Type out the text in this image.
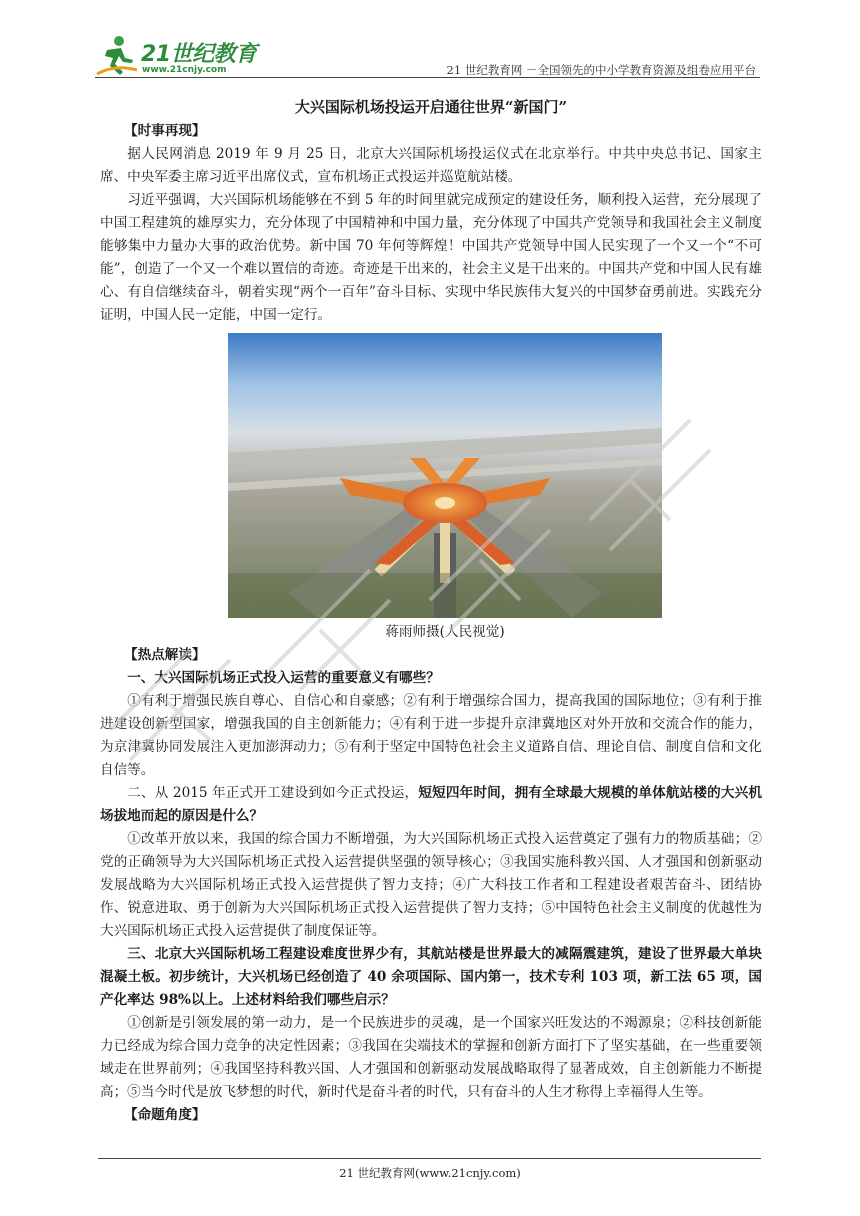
21世纪教育
www.21cnjy.com	21 世纪教育网 －全国领先的中小学教育资源及组卷应用平台
大兴国际机场投运开启通往世界“新国门”
【时事再现】

据人民网消息 2019 年 9 月 25 日，北京大兴国际机场投运仪式在北京举行。中共中央总书记、国家主席、中央军委主席习近平出席仪式，宣布机场正式投运并巡览航站楼。

习近平强调，大兴国际机场能够在不到 5 年的时间里就完成预定的建设任务，顺利投入运营，充分展现了中国工程建筑的雄厚实力，充分体现了中国精神和中国力量，充分体现了中国共产党领导和我国社会主义制度能够集中力量办大事的政治优势。新中国 70 年何等辉煌！中国共产党领导中国人民实现了一个又一个“不可能”，创造了一个又一个难以置信的奇迹。奇迹是干出来的，社会主义是干出来的。中国共产党和中国人民有雄心、有自信继续奋斗，朝着实现“两个一百年”奋斗目标、实现中华民族伟大复兴的中国梦奋勇前进。实践充分证明，中国人民一定能，中国一定行。

蒋雨师摄(人民视觉)
【热点解读】

一、大兴国际机场正式投入运营的重要意义有哪些？

①有利于增强民族自尊心、自信心和自豪感；②有利于增强综合国力，提高我国的国际地位；③有利于推进建设创新型国家，增强我国的自主创新能力；④有利于进一步提升京津冀地区对外开放和交流合作的能力，为京津冀协同发展注入更加澎湃动力；⑤有利于坚定中国特色社会主义道路自信、理论自信、制度自信和文化自信等。

二、从 2015 年正式开工建设到如今正式投运，短短四年时间，拥有全球最大规模的单体航站楼的大兴机场拔地而起的原因是什么？

①改革开放以来，我国的综合国力不断增强，为大兴国际机场正式投入运营奠定了强有力的物质基础；②党的正确领导为大兴国际机场正式投入运营提供坚强的领导核心；③我国实施科教兴国、人才强国和创新驱动发展战略为大兴国际机场正式投入运营提供了智力支持；④广大科技工作者和工程建设者艰苦奋斗、团结协作、锐意进取、勇于创新为大兴国际机场正式投入运营提供了智力支持；⑤中国特色社会主义制度的优越性为大兴国际机场正式投入运营提供了制度保证等。

三、北京大兴国际机场工程建设难度世界少有，其航站楼是世界最大的减隔震建筑，建设了世界最大单块混凝土板。初步统计，大兴机场已经创造了 40 余项国际、国内第一，技术专利 103 项，新工法 65 项，国产化率达 98%以上。上述材料给我们哪些启示？

①创新是引领发展的第一动力，是一个民族进步的灵魂，是一个国家兴旺发达的不竭源泉；②科技创新能力已经成为综合国力竞争的决定性因素；③我国在尖端技术的掌握和创新方面打下了坚实基础，在一些重要领域走在世界前列；④我国坚持科教兴国、人才强国和创新驱动发展战略取得了显著成效，自主创新能力不断提高；⑤当今时代是放飞梦想的时代，新时代是奋斗者的时代，只有奋斗的人生才称得上幸福得人生等。

【命题角度】
21 世纪教育网(www.21cnjy.com)
